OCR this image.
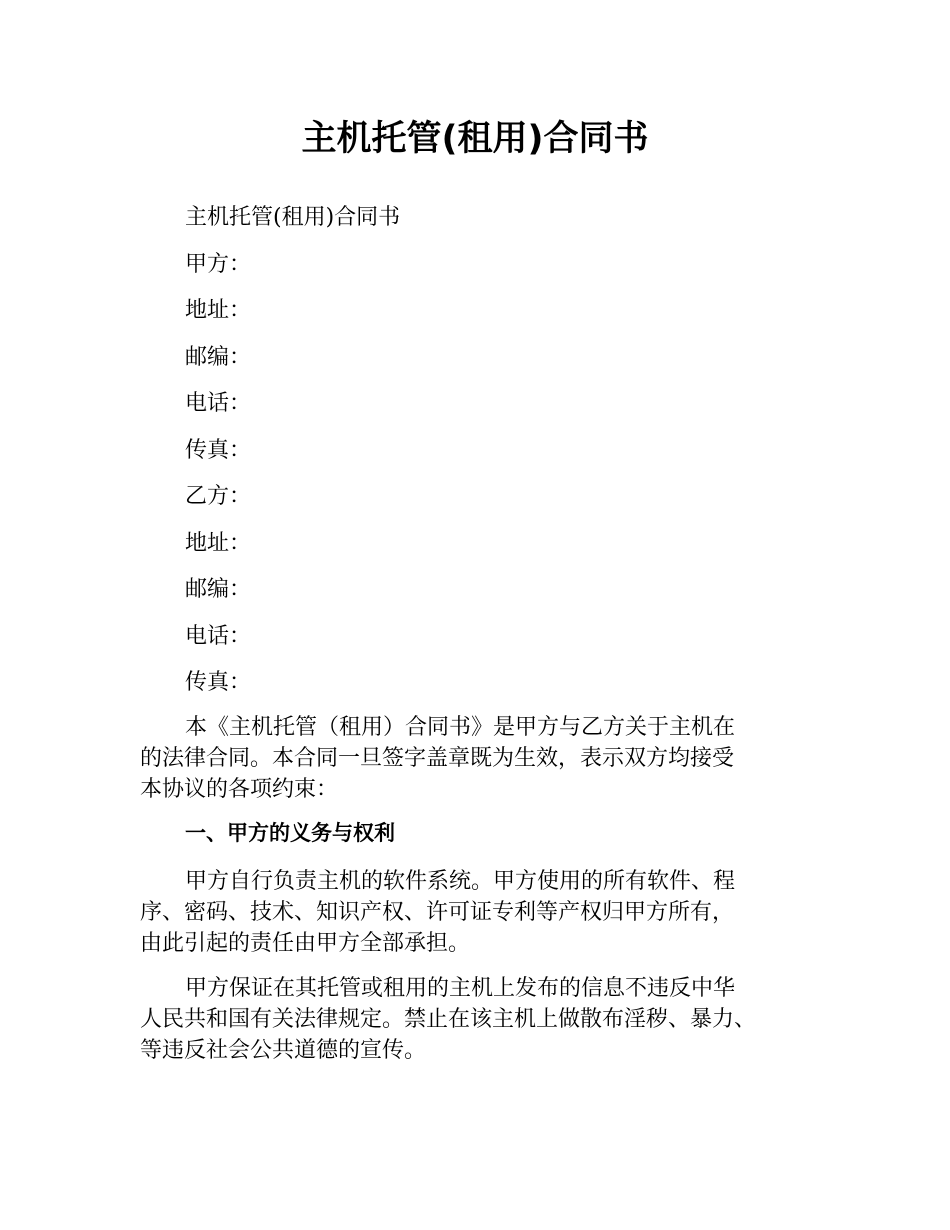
主机托管(租用)合同书
主机托管(租用)合同书
甲方：
地址：
邮编：
电话：
传真：
乙方：
地址：
邮编：
电话：
传真：

本《主机托管（租用）合同书》是甲方与乙方关于主机在
的法律合同。本合同一旦签字盖章既为生效，表示双方均接受
本协议的各项约束：

一、甲方的义务与权利

甲方自行负责主机的软件系统。甲方使用的所有软件、程
序、密码、技术、知识产权、许可证专利等产权归甲方所有，
由此引起的责任由甲方全部承担。

甲方保证在其托管或租用的主机上发布的信息不违反中华
人民共和国有关法律规定。禁止在该主机上做散布淫秽、暴力、
等违反社会公共道德的宣传。
